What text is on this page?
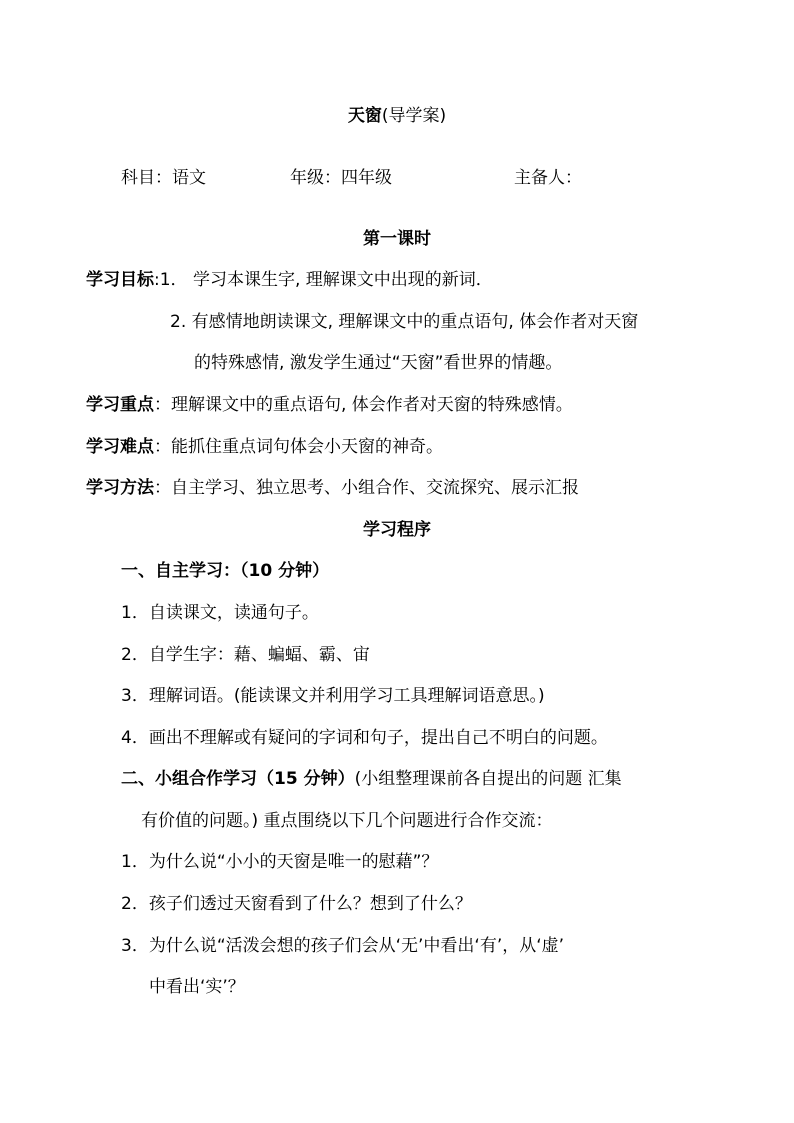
天窗(导学案)
科目：语文	年级：四年级	主备人：
第一课时
学习目标:1． 学习本课生字, 理解课文中出现的新词．
2. 有感情地朗读课文, 理解课文中的重点语句, 体会作者对天窗
的特殊感情, 激发学生通过“天窗”看世界的情趣。
学习重点：理解课文中的重点语句, 体会作者对天窗的特殊感情。
学习难点：能抓住重点词句体会小天窗的神奇。
学习方法：自主学习、独立思考、小组合作、交流探究、展示汇报
学习程序
一、自主学习：（10 分钟）
1．自读课文，读通句子。
2．自学生字：藉、蝙蝠、霸、宙
3．理解词语。(能读课文并利用学习工具理解词语意思。)
4．画出不理解或有疑问的字词和句子，提出自己不明白的问题。
二、小组合作学习（15 分钟）(小组整理课前各自提出的问题 汇集
有价值的问题。) 重点围绕以下几个问题进行合作交流：
1．为什么说“小小的天窗是唯一的慰藉”？
2．孩子们透过天窗看到了什么？想到了什么？
3．为什么说“活泼会想的孩子们会从‘无’中看出‘有’，从‘虚’
中看出‘实’？
